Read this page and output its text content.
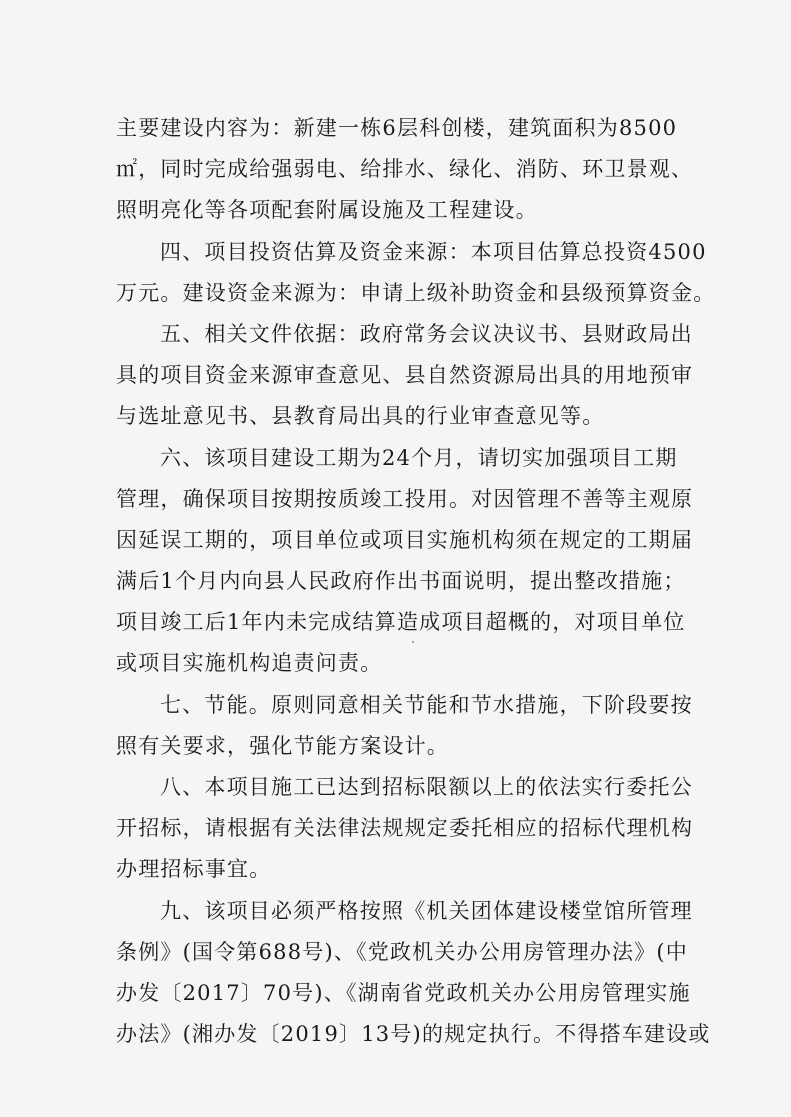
主要建设内容为：新建一栋6层科创楼，建筑面积为8500
㎡，同时完成给强弱电、给排水、绿化、消防、环卫景观、
照明亮化等各项配套附属设施及工程建设。
四、项目投资估算及资金来源：本项目估算总投资4500
万元。建设资金来源为：申请上级补助资金和县级预算资金。
五、相关文件依据：政府常务会议决议书、县财政局出
具的项目资金来源审查意见、县自然资源局出具的用地预审
与选址意见书、县教育局出具的行业审查意见等。
六、该项目建设工期为24个月，请切实加强项目工期
管理，确保项目按期按质竣工投用。对因管理不善等主观原
因延误工期的，项目单位或项目实施机构须在规定的工期届
满后1个月内向县人民政府作出书面说明，提出整改措施；
项目竣工后1年内未完成结算造成项目超概的，对项目单位
或项目实施机构追责问责。
七、节能。原则同意相关节能和节水措施，下阶段要按
照有关要求，强化节能方案设计。
八、本项目施工已达到招标限额以上的依法实行委托公
开招标，请根据有关法律法规规定委托相应的招标代理机构
办理招标事宜。
九、该项目必须严格按照《机关团体建设楼堂馆所管理
条例》(国令第688号)、《党政机关办公用房管理办法》(中
办发〔2017〕70号)、《湖南省党政机关办公用房管理实施
办法》(湘办发〔2019〕13号)的规定执行。不得搭车建设或
